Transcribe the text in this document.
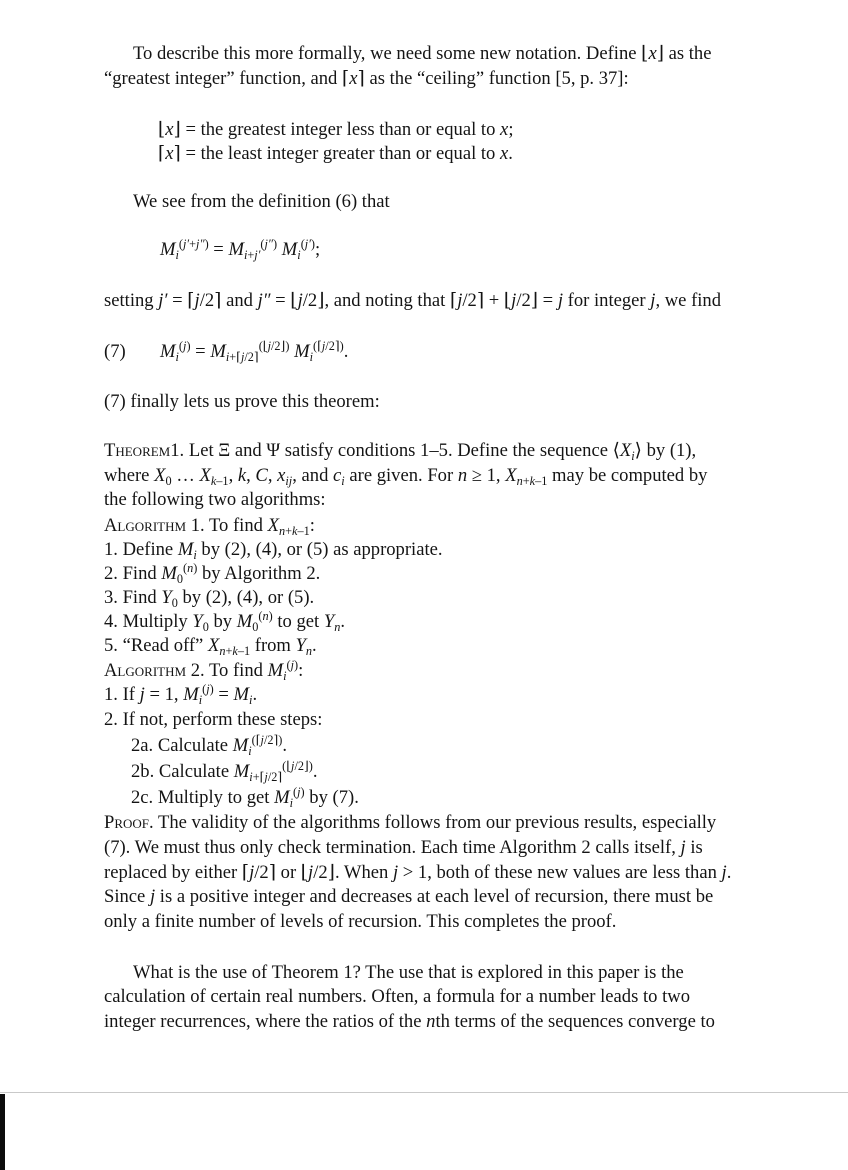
To describe this more formally, we need some new notation. Define ⌊x⌋ as the
“greatest integer” function, and ⌈x⌉ as the “ceiling” function [5, p. 37]:
⌊x⌋ = the greatest integer less than or equal to x;
⌈x⌉ = the least integer greater than or equal to x.
We see from the definition (6) that
$M_i^{(j'+j'')} = M_{i+j'}^{(j'')}$ $M_i^{(j')}$;
setting j′ = ⌈j/2⌉ and j″ = ⌊j/2⌋, and noting that ⌈j/2⌉ + ⌊j/2⌋ = j for integer j, we find
(7) $M_i^{(j)} = M_{i+⌈j/2⌉}^{(⌊j/2⌋)}$ $M_i^{(⌈j/2⌉)}$.
(7) finally lets us prove this theorem:
Theorem1. Let Ξ and Ψ satisfy conditions 1–5. Define the sequence $⟨X_i⟩$ by (1),
where $X_0$ … $X_{k-1}$, k, C, $x_{ij}$, and $c_i$ are given. For n ≥ 1, $X_{n+k-1}$ may be computed by
the following two algorithms:
Algorithm 1. To find $X_{n+k-1}$:
1. Define $M_i$ by (2), (4), or (5) as appropriate.
2. Find $M_0^{(n)}$ by Algorithm 2.
3. Find $Y_0$ by (2), (4), or (5).
4. Multiply $Y_0$ by $M_0^{(n)}$ to get $Y_n$.
5. “Read off” $X_{n+k-1}$ from $Y_n$.
Algorithm 2. To find $M_i^{(j)}$:
1. If j = 1, $M_i^{(j)} = M_i$.
2. If not, perform these steps:
2a. Calculate $M_i^{(⌈j/2⌉)}$.
2b. Calculate $M_{i+⌈j/2⌉}^{(⌊j/2⌋)}$.
2c. Multiply to get $M_i^{(j)}$ by (7).
Proof. The validity of the algorithms follows from our previous results, especially
(7). We must thus only check termination. Each time Algorithm 2 calls itself, j is
replaced by either ⌈j/2⌉ or ⌊j/2⌋. When j > 1, both of these new values are less than j.
Since j is a positive integer and decreases at each level of recursion, there must be
only a finite number of levels of recursion. This completes the proof.
What is the use of Theorem 1? The use that is explored in this paper is the
calculation of certain real numbers. Often, a formula for a number leads to two
integer recurrences, where the ratios of the nth terms of the sequences converge to
